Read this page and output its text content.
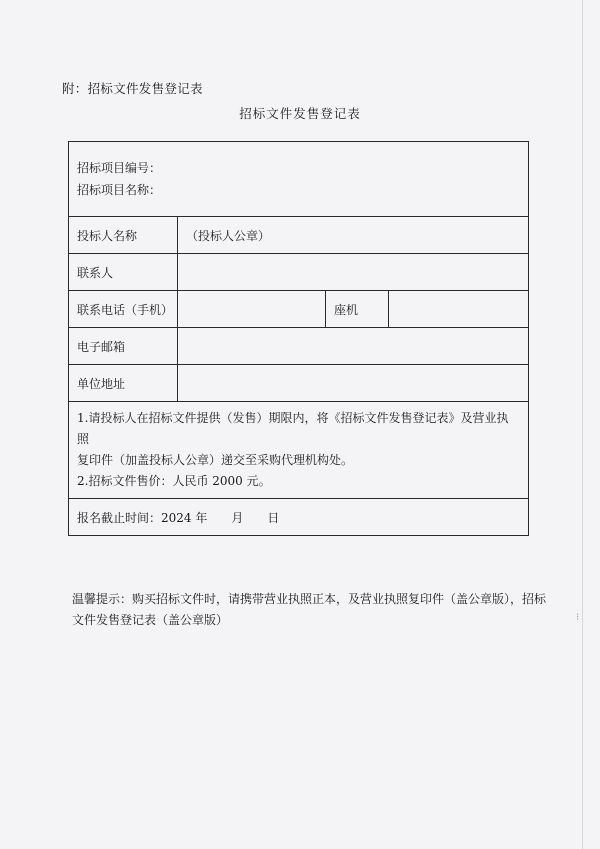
附：招标文件发售登记表
招标文件发售登记表
招标项目编号：
招标项目名称：			

投标人名称	（投标人公章）		
联系人			
联系电话（手机）		座机	
电子邮箱			
单位地址			

1.请投标人在招标文件提供（发售）期限内，将《招标文件发售登记表》及营业执照
复印件（加盖投标人公章）递交至采购代理机构处。
2.招标文件售价：人民币 2000 元。			

报名截止时间：2024 年　　月　　日			
温馨提示：购买招标文件时，请携带营业执照正本，及营业执照复印件（盖公章版），招标
文件发售登记表（盖公章版）	⁝
